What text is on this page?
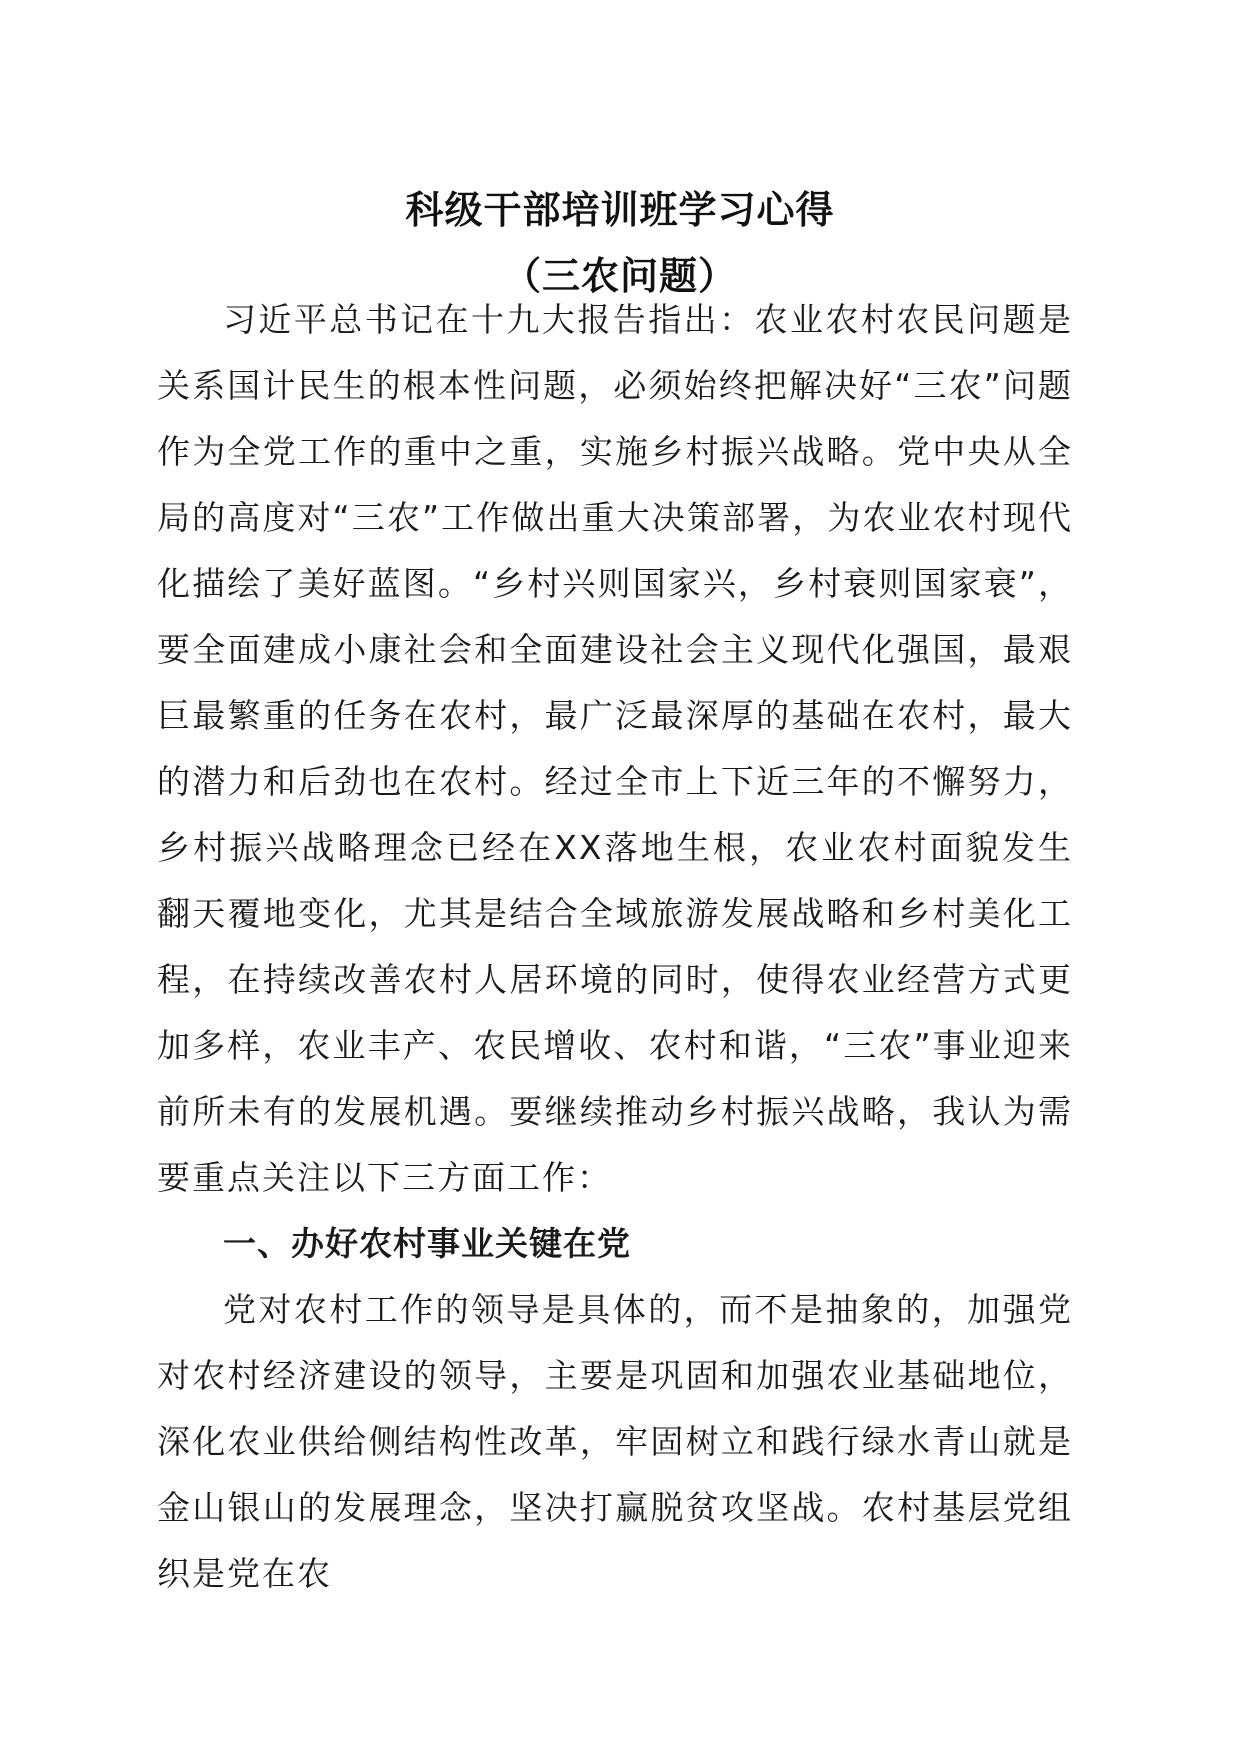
科级干部培训班学习心得
（三农问题）

习近平总书记在十九大报告指出：农业农村农民问题是关系国计民生的根本性问题，必须始终把解决好“三农”问题作为全党工作的重中之重，实施乡村振兴战略。党中央从全局的高度对“三农”工作做出重大决策部署，为农业农村现代化描绘了美好蓝图。“乡村兴则国家兴，乡村衰则国家衰”，要全面建成小康社会和全面建设社会主义现代化强国，最艰巨最繁重的任务在农村，最广泛最深厚的基础在农村，最大的潜力和后劲也在农村。经过全市上下近三年的不懈努力，乡村振兴战略理念已经在XX落地生根，农业农村面貌发生翻天覆地变化，尤其是结合全域旅游发展战略和乡村美化工程，在持续改善农村人居环境的同时，使得农业经营方式更加多样，农业丰产、农民增收、农村和谐，“三农”事业迎来前所未有的发展机遇。要继续推动乡村振兴战略，我认为需要重点关注以下三方面工作：

一、办好农村事业关键在党

党对农村工作的领导是具体的，而不是抽象的，加强党对农村经济建设的领导，主要是巩固和加强农业基础地位，深化农业供给侧结构性改革，牢固树立和践行绿水青山就是金山银山的发展理念，坚决打赢脱贫攻坚战。农村基层党组织是党在农
